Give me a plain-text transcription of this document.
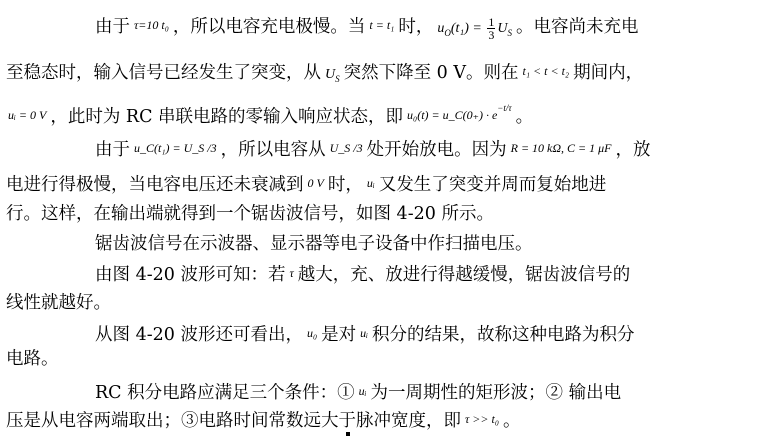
由于 τ=10 t₀ ，所以电容充电极慢。当 t = t₁ 时， $u_O(t_1) = \frac{1}{3} U_S$ 。电容尚未充电
至稳态时，输入信号已经发生了突变，从 $U_S$ 突然下降至 0 V。则在 t₁ < t < t₂ 期间内，
uᵢ = 0 V ，此时为 RC 串联电路的零输入响应状态，即 u₀(t) = u_C(0₊) · $e^{-t/\tau}$ 。
由于 u_C(t₁) = U_S /3 ，所以电容从 U_S /3 处开始放电。因为 R = 10 kΩ, C = 1 μF ，放
电进行得极慢，当电容电压还未衰减到 0 V 时， uᵢ 又发生了突变并周而复始地进
行。这样，在输出端就得到一个锯齿波信号，如图 4-20 所示。
锯齿波信号在示波器、显示器等电子设备中作扫描电压。
由图 4-20 波形可知：若 τ 越大，充、放进行得越缓慢，锯齿波信号的
线性就越好。
从图 4-20 波形还可看出， u₀ 是对 uᵢ 积分的结果，故称这种电路为积分
电路。
RC 积分电路应满足三个条件：① uᵢ 为一周期性的矩形波；② 输出电
压是从电容两端取出；③电路时间常数远大于脉冲宽度，即 τ >> t₀ 。
